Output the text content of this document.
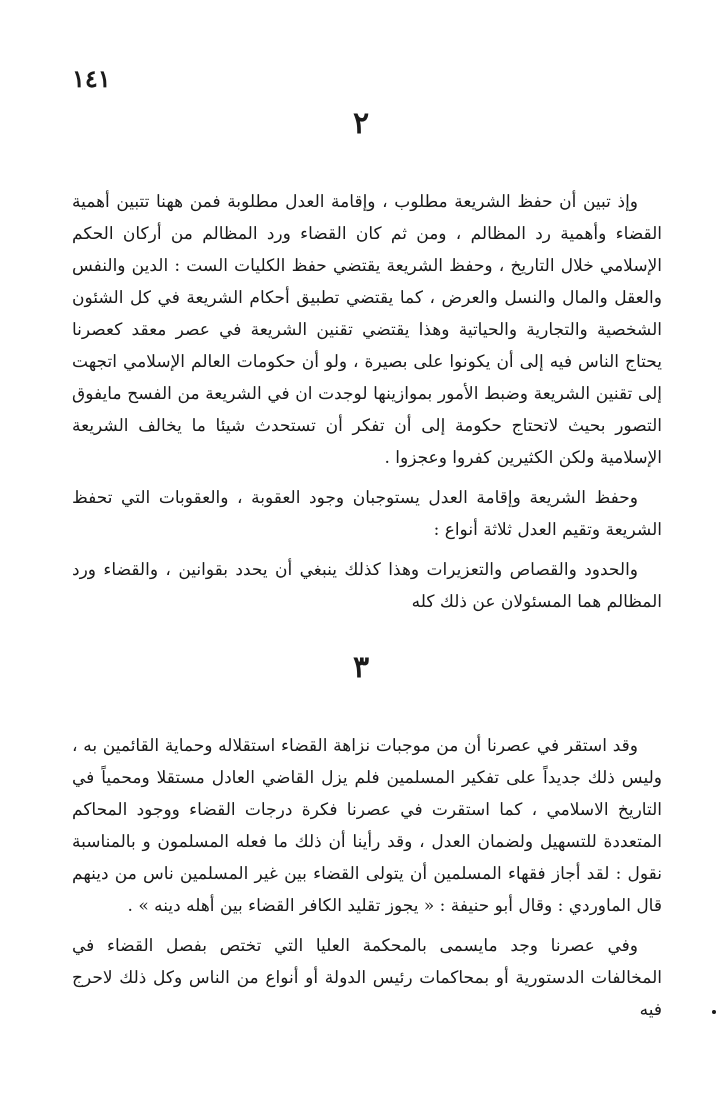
١٤١
٢

وإذ تبين أن حفظ الشريعة مطلوب ، وإقامة العدل مطلوبة فمن ههنا تتبين أهمية القضاء وأهمية رد المظالم ، ومن ثم كان القضاء ورد المظالم من أركان الحكم الإسلامي خلال التاريخ ، وحفظ الشريعة يقتضي حفظ الكليات الست : الدين والنفس والعقل والمال والنسل والعرض ، كما يقتضي تطبيق أحكام الشريعة في كل الشئون الشخصية والتجارية والحياتية وهذا يقتضي تقنين الشريعة في عصر معقد كعصرنا يحتاج الناس فيه إلى أن يكونوا على بصيرة ، ولو أن حكومات العالم الإسلامي اتجهت إلى تقنين الشريعة وضبط الأمور بموازينها لوجدت ان في الشريعة من الفسح مايفوق التصور بحيث لاتحتاج حكومة إلى أن تفكر أن تستحدث شيئا ما يخالف الشريعة الإسلامية ولكن الكثيرين كفروا وعجزوا .

وحفظ الشريعة وإقامة العدل يستوجبان وجود العقوبة ، والعقوبات التي تحفظ الشريعة وتقيم العدل ثلاثة أنواع :

والحدود والقصاص والتعزيرات وهذا كذلك ينبغي أن يحدد بقوانين ، والقضاء ورد المظالم هما المسئولان عن ذلك كله

٣

وقد استقر في عصرنا أن من موجبات نزاهة القضاء استقلاله وحماية القائمين به ، وليس ذلك جديداً على تفكير المسلمين فلم يزل القاضي العادل مستقلا ومحمياً في التاريخ الاسلامي ، كما استقرت في عصرنا فكرة درجات القضاء ووجود المحاكم المتعددة للتسهيل ولضمان العدل ، وقد رأينا أن ذلك ما فعله المسلمون و بالمناسبة نقول : لقد أجاز فقهاء المسلمين أن يتولى القضاء بين غير المسلمين ناس من دينهم قال الماوردي : وقال أبو حنيفة : « يجوز تقليد الكافر القضاء بين أهله دينه » .

وفي عصرنا وجد مايسمى بالمحكمة العليا التي تختص بفصل القضاء في المخالفات الدستورية أو بمحاكمات رئيس الدولة أو أنواع من الناس وكل ذلك لاحرج فيه
